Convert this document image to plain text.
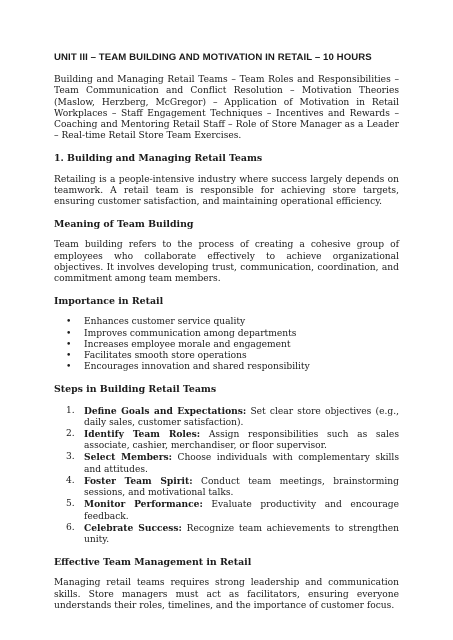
UNIT III – TEAM BUILDING AND MOTIVATION IN RETAIL – 10 HOURS

Building and Managing Retail Teams – Team Roles and Responsibilities – Team Communication and Conflict Resolution – Motivation Theories (Maslow, Herzberg, McGregor) – Application of Motivation in Retail Workplaces – Staff Engagement Techniques – Incentives and Rewards – Coaching and Mentoring Retail Staff – Role of Store Manager as a Leader – Real-time Retail Store Team Exercises.

1. Building and Managing Retail Teams

Retailing is a people-intensive industry where success largely depends on teamwork. A retail team is responsible for achieving store targets, ensuring customer satisfaction, and maintaining operational efficiency.

Meaning of Team Building

Team building refers to the process of creating a cohesive group of employees who collaborate effectively to achieve organizational objectives. It involves developing trust, communication, coordination, and commitment among team members.

Importance in Retail
• Enhances customer service quality
• Improves communication among departments
• Increases employee morale and engagement
• Facilitates smooth store operations
• Encourages innovation and shared responsibility
Steps in Building Retail Teams
1. Define Goals and Expectations: Set clear store objectives (e.g., daily sales, customer satisfaction).
2. Identify Team Roles: Assign responsibilities such as sales associate, cashier, merchandiser, or floor supervisor.
3. Select Members: Choose individuals with complementary skills and attitudes.
4. Foster Team Spirit: Conduct team meetings, brainstorming sessions, and motivational talks.
5. Monitor Performance: Evaluate productivity and encourage feedback.
6. Celebrate Success: Recognize team achievements to strengthen unity.
Effective Team Management in Retail

Managing retail teams requires strong leadership and communication skills. Store managers must act as facilitators, ensuring everyone understands their roles, timelines, and the importance of customer focus.
